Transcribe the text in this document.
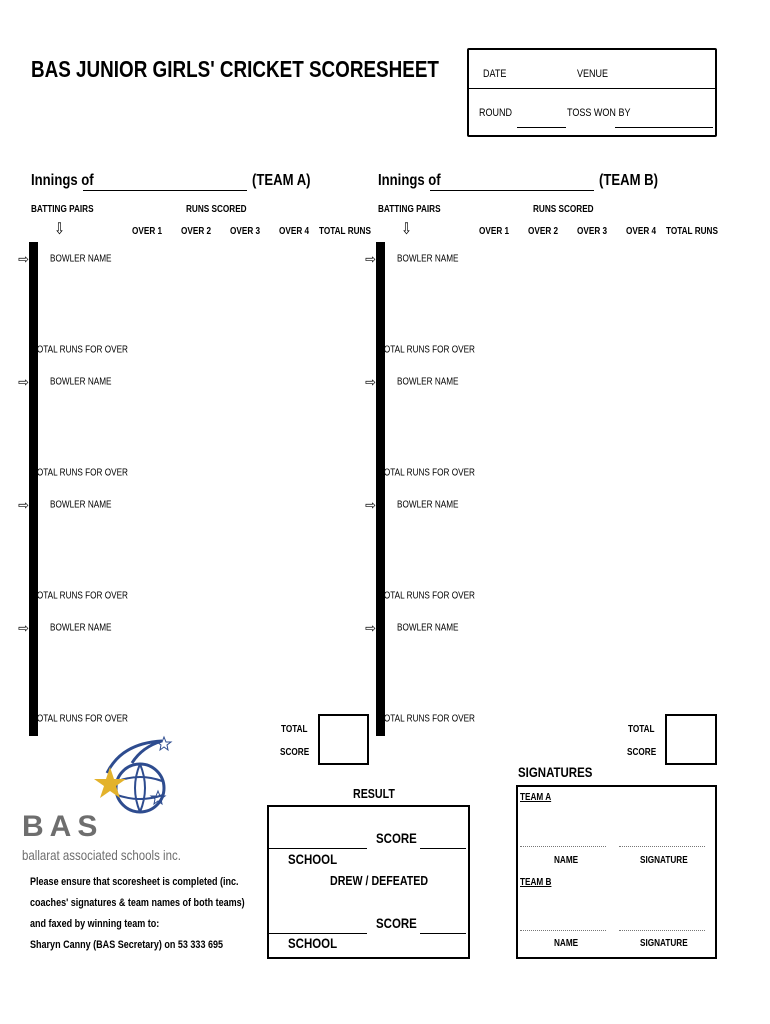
BAS JUNIOR GIRLS' CRICKET SCORESHEET	DATE	VENUE
ROUND	TOSS WON BY
Innings of	(TEAM A)
BATTING PAIRS
⇩
RUNS SCORED
OVER 1 OVER 2 OVER 3 OVER 4 TOTAL RUNS
Innings of	(TEAM B)
BATTING PAIRS
⇩
RUNS SCORED
OVER 1 OVER 2 OVER 3 OVER 4 TOTAL RUNS
BOWLER NAME
⇨			

TOTAL RUNS FOR OVER			

BOWLER NAME
⇨			

TOTAL RUNS FOR OVER			

BOWLER NAME
⇨			

TOTAL RUNS FOR OVER			

BOWLER NAME
⇨			

TOTAL RUNS FOR OVER			

BOWLER NAME
⇨			

TOTAL RUNS FOR OVER			

BOWLER NAME
⇨			

TOTAL RUNS FOR OVER			

BOWLER NAME
⇨			

TOTAL RUNS FOR OVER			

BOWLER NAME
⇨			

TOTAL RUNS FOR OVER			

TOTAL
SCORE
TOTAL
SCORE
BAS
ballarat associated schools inc.
Please ensure that scoresheet is completed (inc.
coaches' signatures & team names of both teams)
and faxed by winning team to:
Sharyn Canny (BAS Secretary) on 53 333 695
RESULT
SCORE
SCHOOL
DREW / DEFEATED
SCORE
SCHOOL
SIGNATURES
TEAM A
NAME	SIGNATURE
TEAM B
NAME	SIGNATURE
